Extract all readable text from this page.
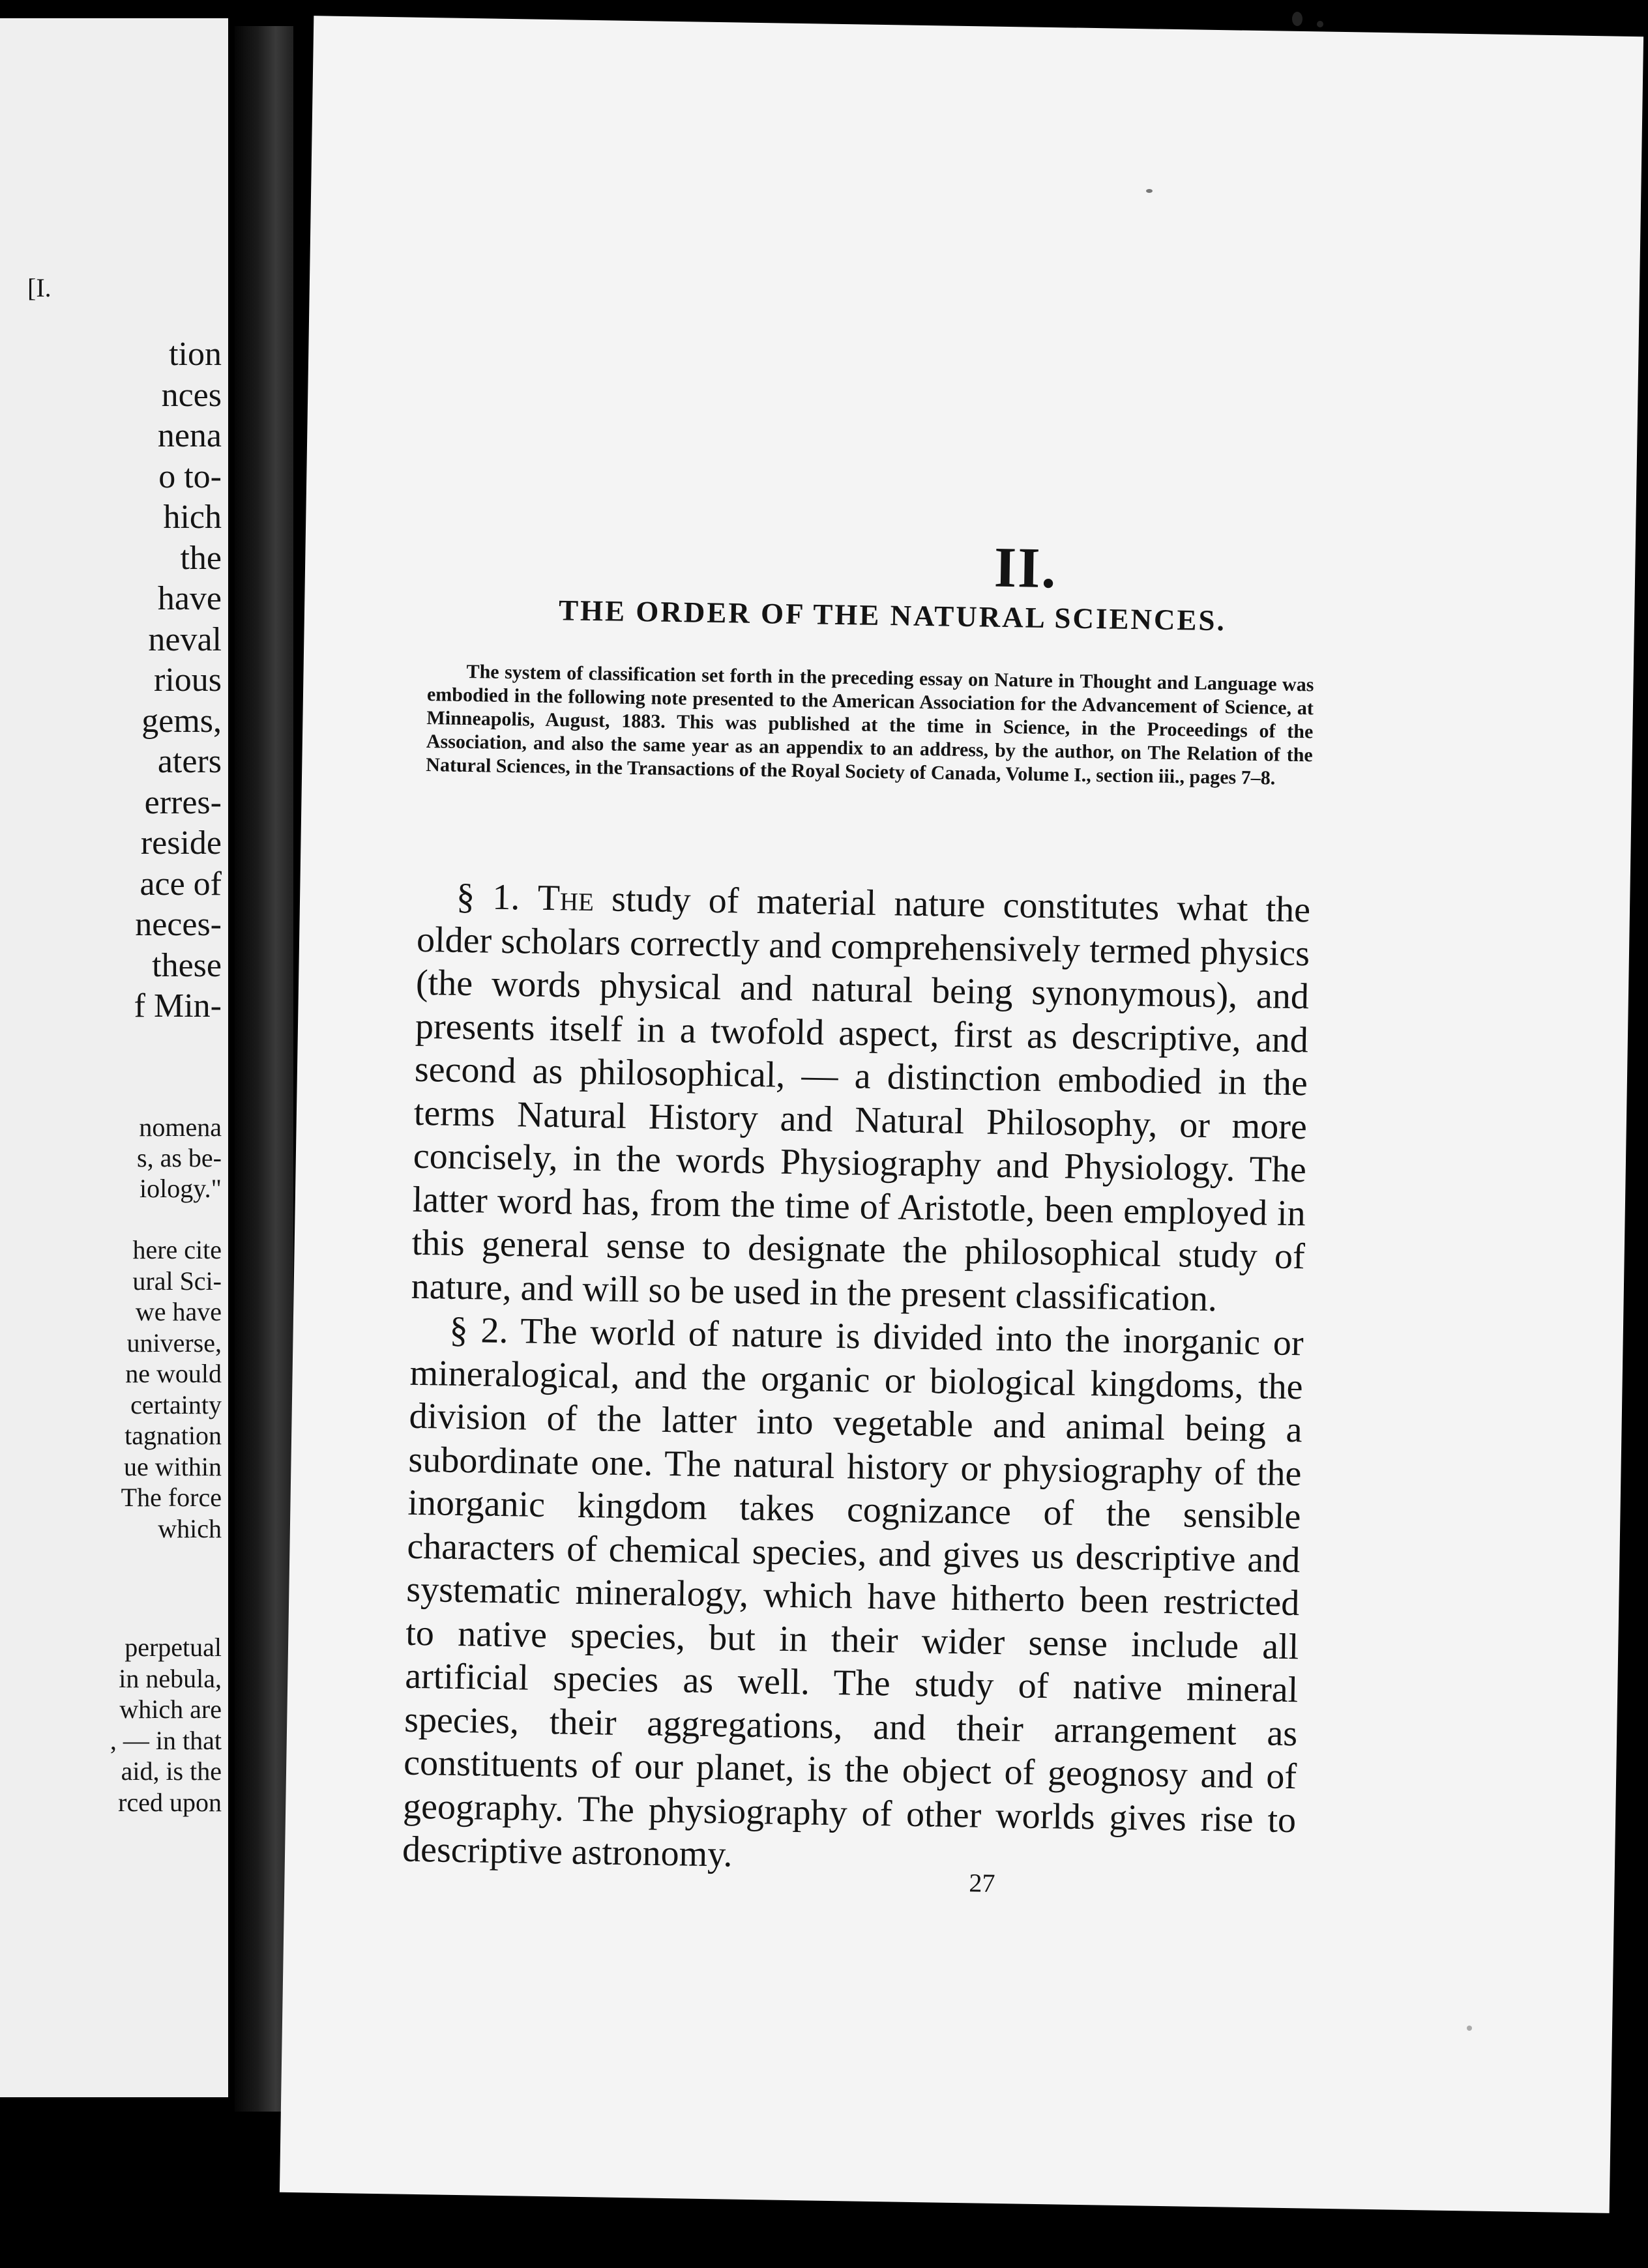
[I.
tion
nces
nena
o to-
hich
the
have
neval
rious
gems,
aters
erres-
reside
ace of
neces-
these
f Min-
nomena
s, as be-
iology."
here cite
ural Sci-
we have
universe,
ne would
certainty
tagnation
ue within
The force
which
perpetual
in nebula,
which are
, — in that
aid, is the
rced upon
II.
THE ORDER OF THE NATURAL SCIENCES.

The system of classification set forth in the preceding essay on Nature in Thought and Language was embodied in the following note presented to the American Association for the Advancement of Science, at Minneapolis, August, 1883. This was published at the time in Science, in the Proceedings of the Association, and also the same year as an appendix to an address, by the author, on The Relation of the Natural Sciences, in the Transactions of the Royal Society of Canada, Volume I., section iii., pages 7–8.

§ 1. The study of material nature constitutes what the older scholars correctly and comprehensively termed physics (the words physical and natural being synonymous), and presents itself in a twofold aspect, first as descriptive, and second as philosophical, — a distinction embodied in the terms Natural History and Natural Philosophy, or more concisely, in the words Physiography and Physiology. The latter word has, from the time of Aristotle, been employed in this general sense to designate the philosophical study of nature, and will so be used in the present classification.

§ 2. The world of nature is divided into the inorganic or mineralogical, and the organic or biological kingdoms, the division of the latter into vegetable and animal being a subordinate one. The natural history or physiography of the inorganic kingdom takes cognizance of the sensible characters of chemical species, and gives us descriptive and systematic mineralogy, which have hitherto been restricted to native species, but in their wider sense include all artificial species as well. The study of native mineral species, their aggregations, and their arrangement as constituents of our planet, is the object of geognosy and of geography. The physiography of other worlds gives rise to descriptive astronomy.

27
